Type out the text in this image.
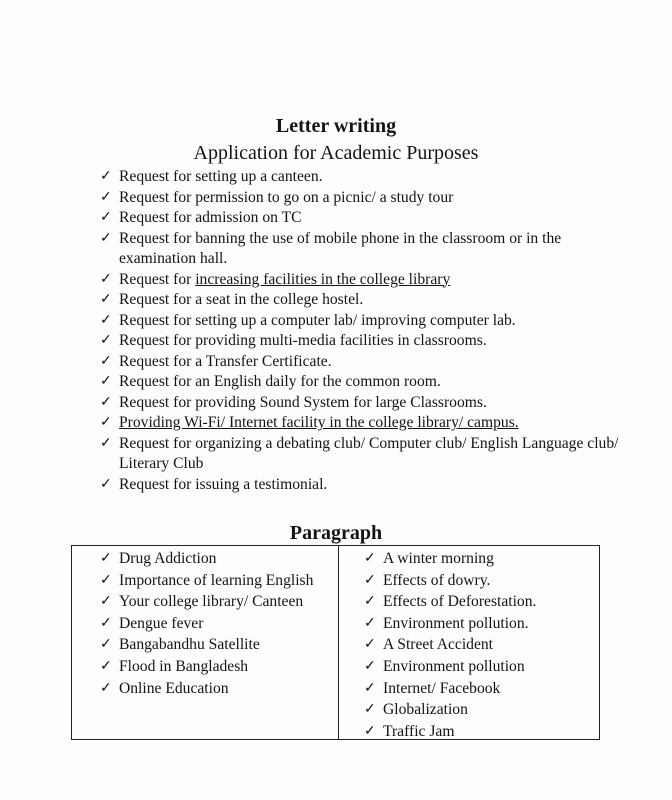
Letter writing
Application for Academic Purposes
✓ Request for setting up a canteen.
✓ Request for permission to go on a picnic/ a study tour
✓ Request for admission on TC
✓ Request for banning the use of mobile phone in the classroom or in the examination hall.
✓ Request for increasing facilities in the college library
✓ Request for a seat in the college hostel.
✓ Request for setting up a computer lab/ improving computer lab.
✓ Request for providing multi-media facilities in classrooms.
✓ Request for a Transfer Certificate.
✓ Request for an English daily for the common room.
✓ Request for providing Sound System for large Classrooms.
✓ Providing Wi-Fi/ Internet facility in the college library/ campus.
✓ Request for organizing a debating club/ Computer club/ English Language club/ Literary Club
✓ Request for issuing a testimonial.
Paragraph
✓ Drug Addiction
✓ Importance of learning English
✓ Your college library/ Canteen
✓ Dengue fever
✓ Bangabandhu Satellite
✓ Flood in Bangladesh
✓ Online Education
✓ A winter morning
✓ Effects of dowry.
✓ Effects of Deforestation.
✓ Environment pollution.
✓ A Street Accident
✓ Environment pollution
✓ Internet/ Facebook
✓ Globalization
✓ Traffic Jam
